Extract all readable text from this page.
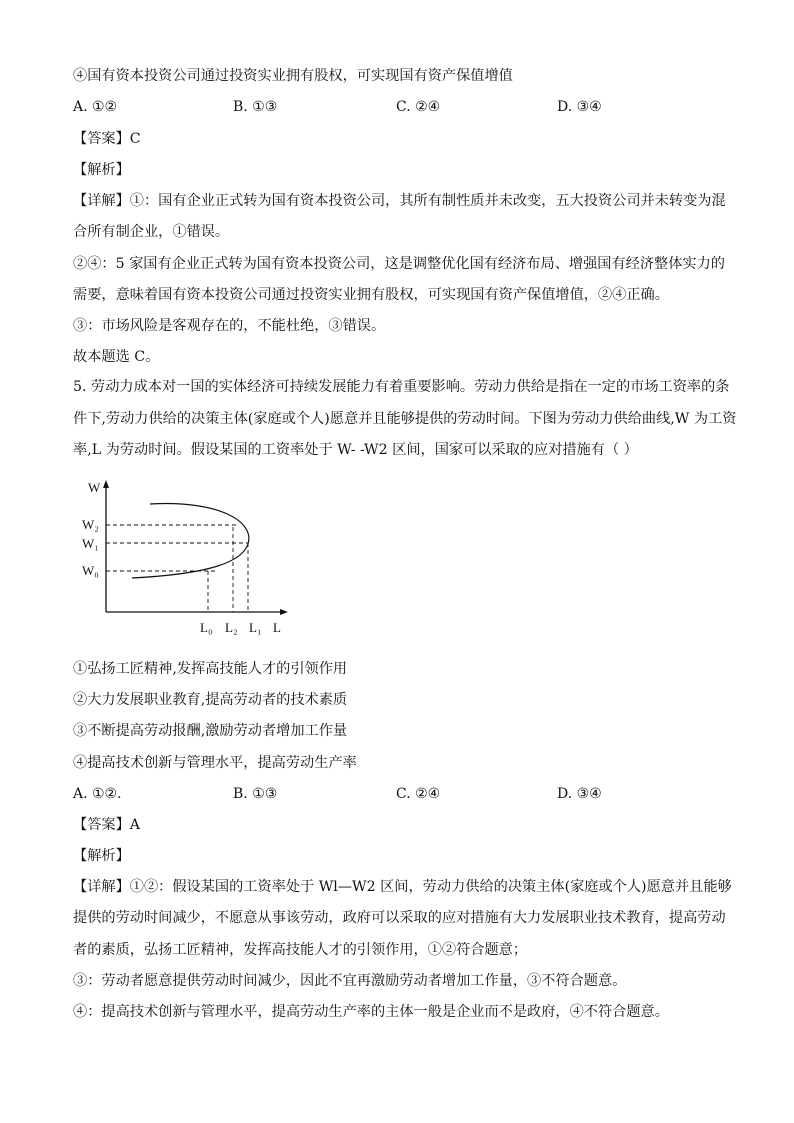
④国有资本投资公司通过投资实业拥有股权，可实现国有资产保值增值
A. ①②	B. ①③	C. ②④	D. ③④
【答案】C
【解析】
【详解】①：国有企业正式转为国有资本投资公司，其所有制性质并未改变，五大投资公司并未转变为混
合所有制企业，①错误。
②④：5 家国有企业正式转为国有资本投资公司，这是调整优化国有经济布局、增强国有经济整体实力的
需要，意味着国有资本投资公司通过投资实业拥有股权，可实现国有资产保值增值，②④正确。
③：市场风险是客观存在的，不能杜绝，③错误。
故本题选 C。
5. 劳动力成本对一国的实体经济可持续发展能力有着重要影响。劳动力供给是指在一定的市场工资率的条
件下,劳动力供给的决策主体(家庭或个人)愿意并且能够提供的劳动时间。下图为劳动力供给曲线,W 为工资
率,L 为劳动时间。假设某国的工资率处于 W- -W2 区间，国家可以采取的应对措施有（ ）
W
W₂
W₁
W₀
L₀ L₂ L₁ L
①弘扬工匠精神,发挥高技能人才的引领作用
②大力发展职业教育,提高劳动者的技术素质
③不断提高劳动报酬,激励劳动者增加工作量
④提高技术创新与管理水平，提高劳动生产率
A. ①②.	B. ①③	C. ②④	D. ③④
【答案】A
【解析】
【详解】①②：假设某国的工资率处于 Wl—W2 区间，劳动力供给的决策主体(家庭或个人)愿意并且能够
提供的劳动时间减少，不愿意从事该劳动，政府可以采取的应对措施有大力发展职业技术教育，提高劳动
者的素质，弘扬工匠精神，发挥高技能人才的引领作用，①②符合题意；
③：劳动者愿意提供劳动时间减少，因此不宜再激励劳动者增加工作量，③不符合题意。
④：提高技术创新与管理水平，提高劳动生产率的主体一般是企业而不是政府，④不符合题意。
